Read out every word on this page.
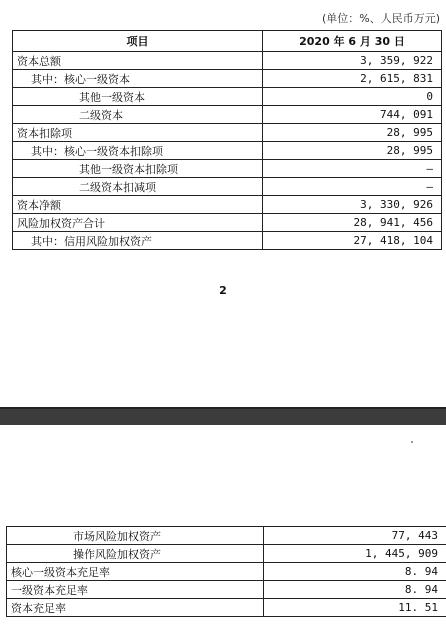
(单位：%、人民币万元)
项目	2020 年 6 月 30 日
资本总额	3, 359, 922
其中：核心一级资本	2, 615, 831
其他一级资本	0
二级资本	744, 091
资本扣除项	28, 995
其中：核心一级资本扣除项	28, 995
其他一级资本扣除项	–
二级资本扣减项	–
资本净额	3, 330, 926
风险加权资产合计	28, 941, 456
其中：信用风险加权资产	27, 418, 104
2
市场风险加权资产	77, 443
操作风险加权资产	1, 445, 909
核心一级资本充足率	8. 94
一级资本充足率	8. 94
资本充足率	11. 51
